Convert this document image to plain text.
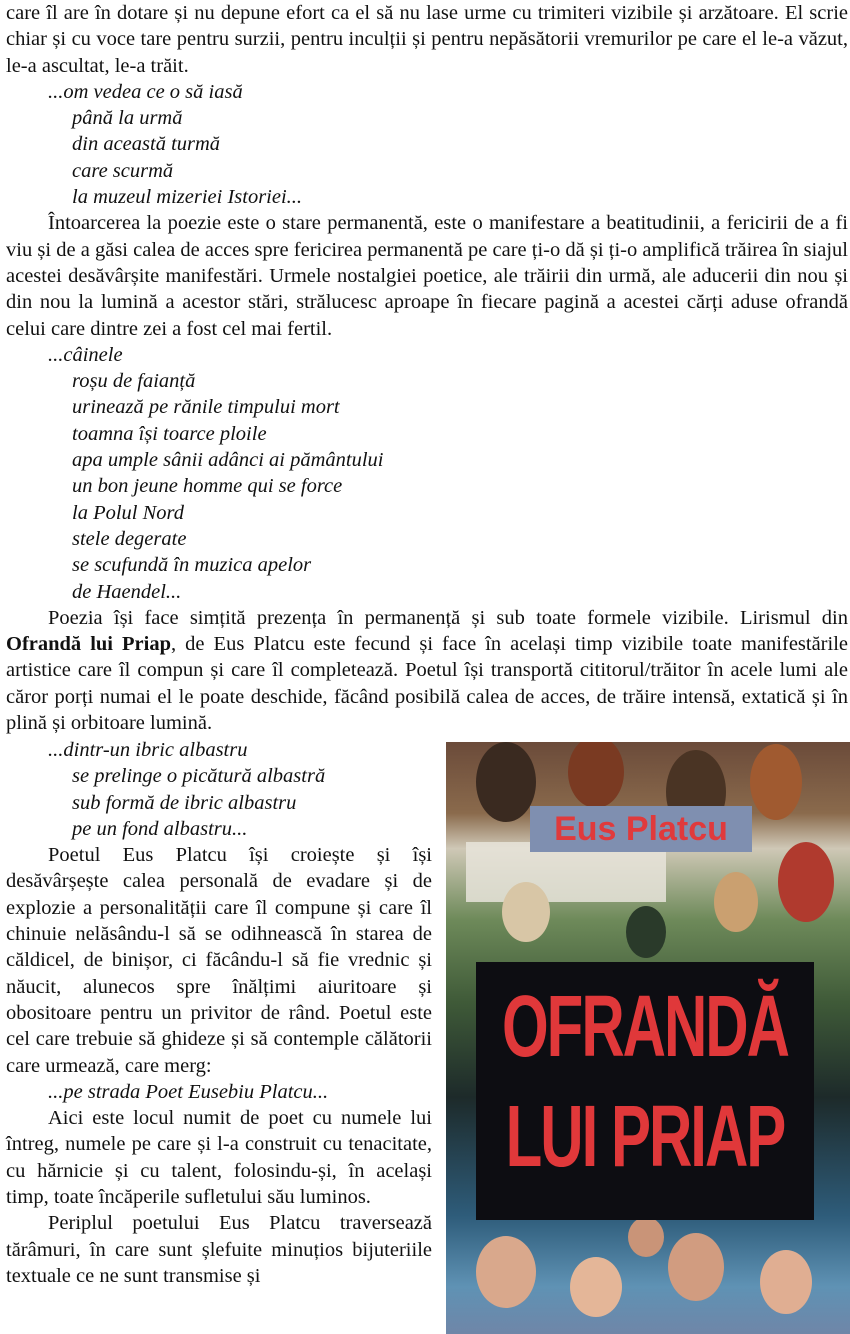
care îl are în dotare și nu depune efort ca el să nu lase urme cu trimiteri vizibile și arzătoare. El scrie chiar și cu voce tare pentru surzii, pentru inculții și pentru nepăsătorii vremurilor pe care el le-a văzut, le-a ascultat, le-a trăit.

...om vedea ce o să iasă
până la urmă
din această turmă
care scurmă
la muzeul mizeriei Istoriei...

Întoarcerea la poezie este o stare permanentă, este o manifestare a beatitudinii, a fericirii de a fi viu și de a găsi calea de acces spre fericirea permanentă pe care ți-o dă și ți-o amplifică trăirea în siajul acestei desăvârșite manifestări. Urmele nostalgiei poetice, ale trăirii din urmă, ale aducerii din nou și din nou la lumină a acestor stări, strălucesc aproape în fiecare pagină a acestei cărți aduse ofrandă celui care dintre zei a fost cel mai fertil.

...câinele
roșu de faianță
urinează pe rănile timpului mort
toamna își toarce ploile
apa umple sânii adânci ai pământului
un bon jeune homme qui se force
la Polul Nord
stele degerate
se scufundă în muzica apelor
de Haendel...

Poezia își face simțită prezența în permanență și sub toate formele vizibile. Lirismul din Ofrandă lui Priap, de Eus Platcu este fecund și face în același timp vizibile toate manifestările artistice care îl compun și care îl completează. Poetul își transportă cititorul/trăitor în acele lumi ale căror porți numai el le poate deschide, făcând posibilă calea de acces, de trăire intensă, extatică și în plină și orbitoare lumină.

...dintr-un ibric albastru
se prelinge o picătură albastră
sub formă de ibric albastru
pe un fond albastru...

Poetul Eus Platcu își croiește și își desăvârșește calea personală de evadare și de explozie a personalității care îl compune și care îl chinuie nelăsându-l să se odihnească în starea de căldicel, de binișor, ci făcându-l să fie vrednic și năucit, alunecos spre înălțimi aiuritoare și obositoare pentru un privitor de rând. Poetul este cel care trebuie să ghideze și să contemple călătorii care urmează, care merg:

...pe strada Poet Eusebiu Platcu...

Aici este locul numit de poet cu numele lui întreg, numele pe care și l-a construit cu tenacitate, cu hărnicie și cu talent, folosindu-și, în același timp, toate încăperile sufletului său luminos.

Periplul poetului Eus Platcu traversează tărâmuri, în care sunt șlefuite minuțios bijuteriile textuale ce ne sunt transmise și

Eus Platcu
OFRANDĂ
LUI PRIAP
